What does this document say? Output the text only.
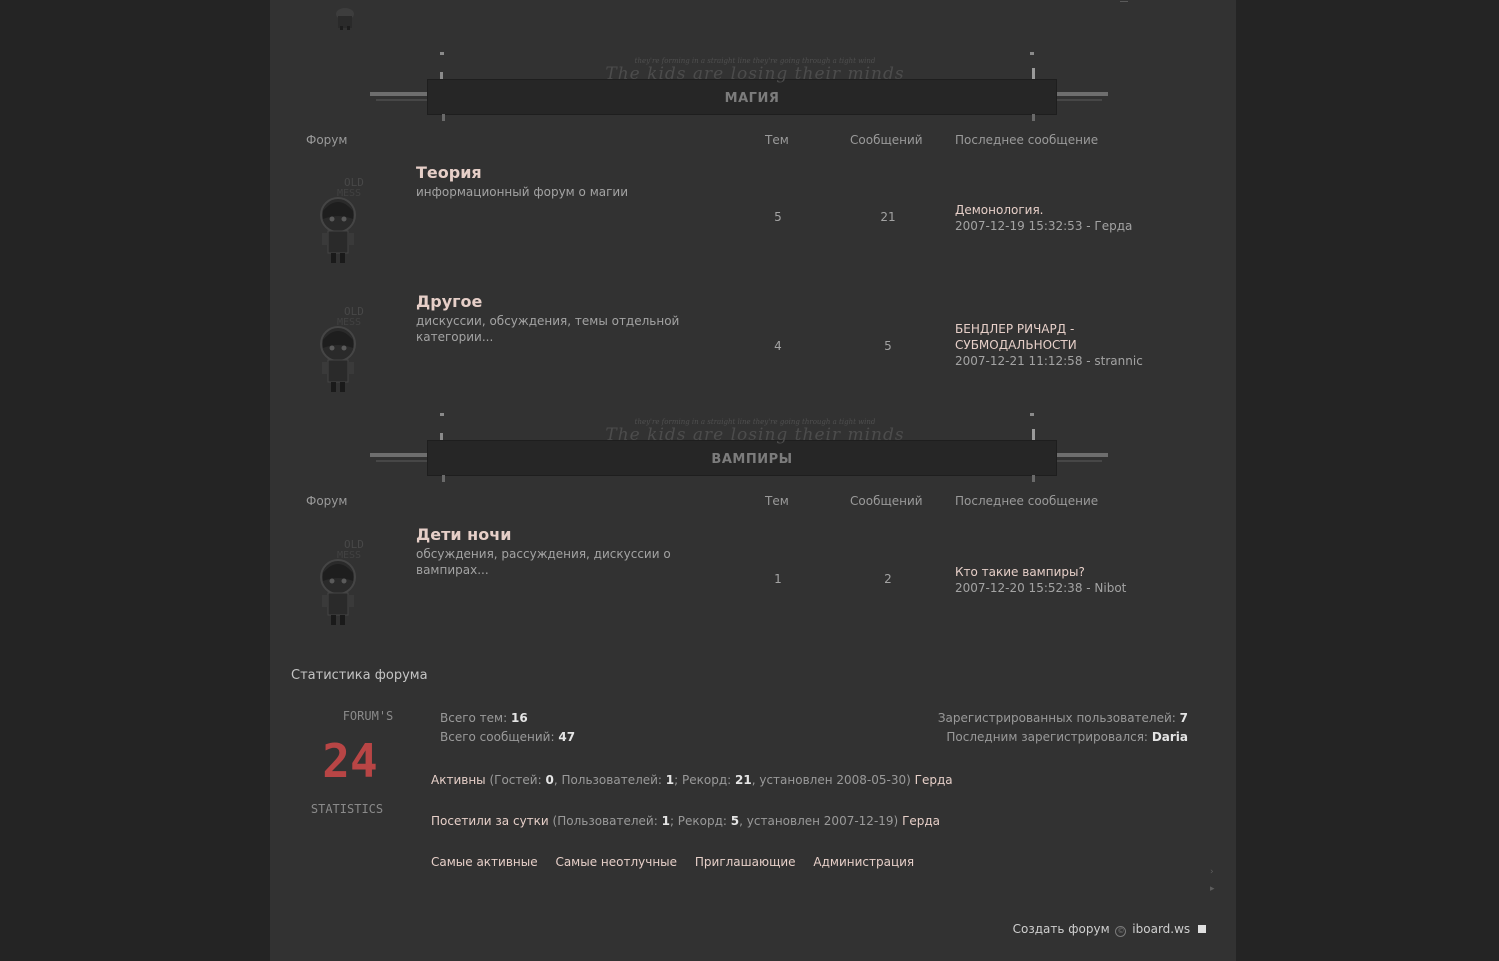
they're forming in a straight line they're going through a tight wind
The kids are losing their minds
МАГИЯ
Форум	Тем	Сообщений	Последнее сообщение
OLD
MESS
Теория
информационный форум о магии
5	21	Демонология.
2007-12-19 15:32:53 - Герда
OLD
MESS
Другое
дискуссии, обсуждения, темы отдельной категории...
4	5
БЕНДЛЕР РИЧАРД - СУБМОДАЛЬНОСТИ
2007-12-21 11:12:58 - strannic
they're forming in a straight line they're going through a tight wind
The kids are losing their minds
ВАМПИРЫ
Форум	Тем	Сообщений	Последнее сообщение
OLD
MESS
Дети ночи
обсуждения, рассуждения, дискуссии о вампирах...
1	2	Кто такие вампиры?
2007-12-20 15:52:38 - Nibot
Статистика форума
FORUM'S
24
STATISTICS
Всего тем: 16
Всего сообщений: 47
Зарегистрированных пользователей: 7
Последним зарегистрировался: Daria
Активны (Гостей: 0, Пользователей: 1; Рекорд: 21, установлен 2008-05-30) Герда
Посетили за сутки (Пользователей: 1; Рекорд: 5, установлен 2007-12-19) Герда
Самые активные Самые неотлучные Приглашающие Администрация
›
▸
Создать форум © iboard.ws
